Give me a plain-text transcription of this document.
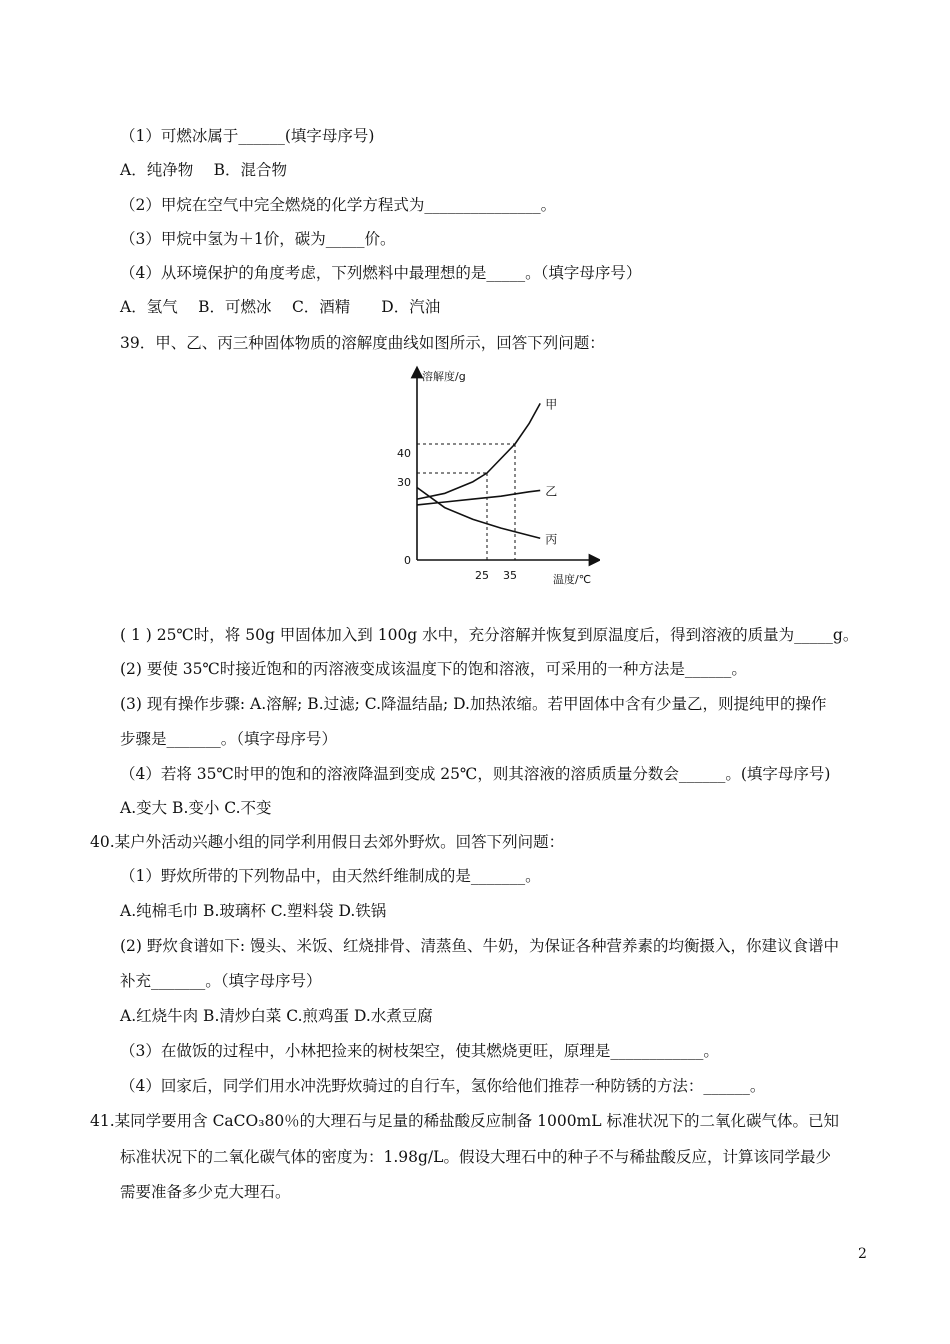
（1）可燃冰属于______(填字母序号)
A．纯净物　 B．混合物
（2）甲烷在空气中完全燃烧的化学方程式为_______________。
（3）甲烷中氢为＋1价，碳为_____价。
（4）从环境保护的角度考虑，下列燃料中最理想的是_____。（填字母序号）
A．氢气　 B．可燃冰　 C．酒精　　D．汽油
39．甲、乙、丙三种固体物质的溶解度曲线如图所示，回答下列问题：
溶解度/g
温度/℃
0
40
30
25 35
甲
乙
丙
( 1 ) 25℃时，将 50g 甲固体加入到 100g 水中，充分溶解并恢复到原温度后，得到溶液的质量为_____g。
(2) 要使 35℃时接近饱和的丙溶液变成该温度下的饱和溶液，可采用的一种方法是______。
(3) 现有操作步骤: A.溶解; B.过滤; C.降温结晶; D.加热浓缩。若甲固体中含有少量乙，则提纯甲的操作
步骤是_______。（填字母序号）
（4）若将 35℃时甲的饱和的溶液降温到变成 25℃，则其溶液的溶质质量分数会______。(填字母序号)
A.变大 B.变小 C.不变
40.某户外活动兴趣小组的同学利用假日去郊外野炊。回答下列问题：
（1）野炊所带的下列物品中，由天然纤维制成的是_______。
A.纯棉毛巾 B.玻璃杯 C.塑料袋 D.铁锅
(2) 野炊食谱如下: 馒头、米饭、红烧排骨、清蒸鱼、牛奶，为保证各种营养素的均衡摄入，你建议食谱中
补充_______。（填字母序号）
A.红烧牛肉 B.清炒白菜 C.煎鸡蛋 D.水煮豆腐
（3）在做饭的过程中，小林把捡来的树枝架空，使其燃烧更旺，原理是____________。
（4）回家后，同学们用水冲洗野炊骑过的自行车，氢你给他们推荐一种防锈的方法：______。
41.某同学要用含 CaCO₃80％的大理石与足量的稀盐酸反应制备 1000mL 标准状况下的二氧化碳气体。已知
标准状况下的二氧化碳气体的密度为：1.98g/L。假设大理石中的种子不与稀盐酸反应，计算该同学最少
需要准备多少克大理石。
2
